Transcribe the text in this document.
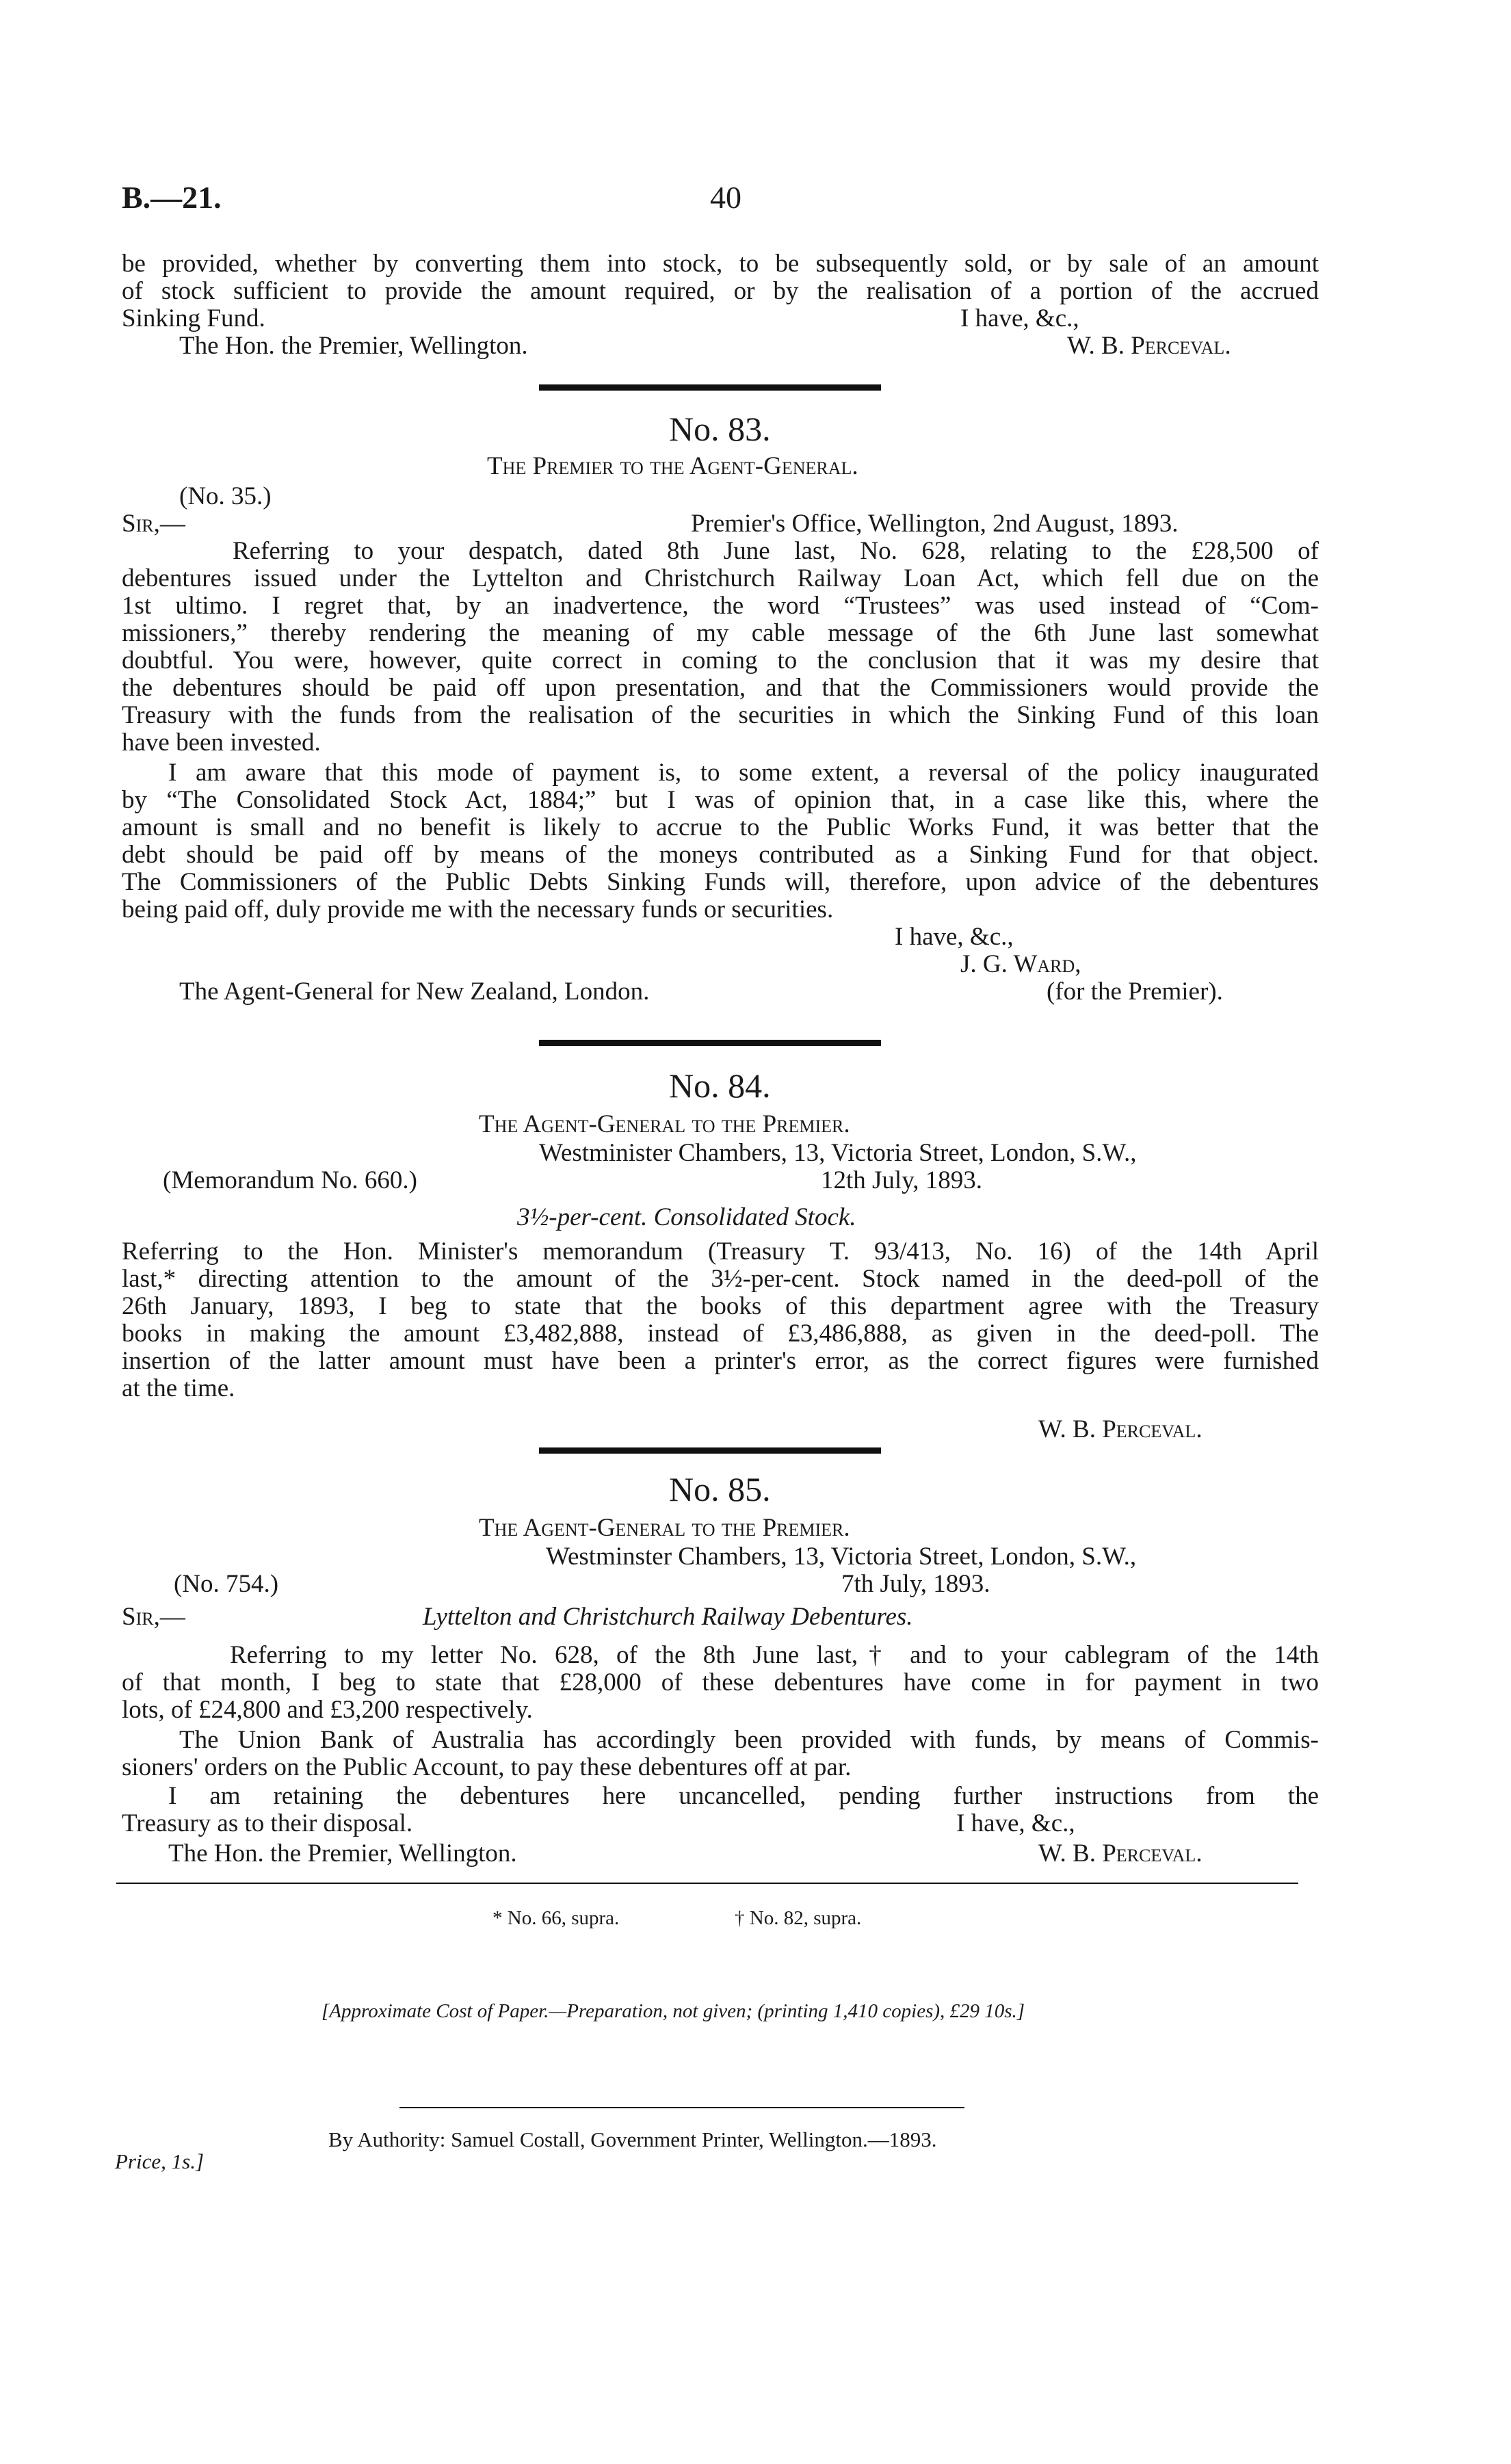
B.—21.	40
be provided, whether by converting them into stock, to be subsequently sold, or by sale of an amount
of stock sufficient to provide the amount required, or by the realisation of a portion of the accrued
Sinking Fund.	I have, &c.,
The Hon. the Premier, Wellington.	W. B. Perceval.
No. 83.
The Premier to the Agent-General.
(No. 35.)
Sir,—	Premier's Office, Wellington, 2nd August, 1893.
Referring to your despatch, dated 8th June last, No. 628, relating to the £28,500 of
debentures issued under the Lyttelton and Christchurch Railway Loan Act, which fell due on the
1st ultimo. I regret that, by an inadvertence, the word “Trustees” was used instead of “Com-
missioners,” thereby rendering the meaning of my cable message of the 6th June last somewhat
doubtful. You were, however, quite correct in coming to the conclusion that it was my desire that
the debentures should be paid off upon presentation, and that the Commissioners would provide the
Treasury with the funds from the realisation of the securities in which the Sinking Fund of this loan
have been invested.
I am aware that this mode of payment is, to some extent, a reversal of the policy inaugurated
by “The Consolidated Stock Act, 1884;” but I was of opinion that, in a case like this, where the
amount is small and no benefit is likely to accrue to the Public Works Fund, it was better that the
debt should be paid off by means of the moneys contributed as a Sinking Fund for that object.
The Commissioners of the Public Debts Sinking Funds will, therefore, upon advice of the debentures
being paid off, duly provide me with the necessary funds or securities.
I have, &c.,
J. G. Ward,
The Agent-General for New Zealand, London.	(for the Premier).
No. 84.
The Agent-General to the Premier.
Westminister Chambers, 13, Victoria Street, London, S.W.,
(Memorandum No. 660.)	12th July, 1893.
3½-per-cent. Consolidated Stock.
Referring to the Hon. Minister's memorandum (Treasury T. 93/413, No. 16) of the 14th April
last,* directing attention to the amount of the 3½-per-cent. Stock named in the deed-poll of the
26th January, 1893, I beg to state that the books of this department agree with the Treasury
books in making the amount £3,482,888, instead of £3,486,888, as given in the deed-poll. The
insertion of the latter amount must have been a printer's error, as the correct figures were furnished
at the time.
W. B. Perceval.
No. 85.
The Agent-General to the Premier.
Westminster Chambers, 13, Victoria Street, London, S.W.,
(No. 754.)	7th July, 1893.
Sir,—	Lyttelton and Christchurch Railway Debentures.
Referring to my letter No. 628, of the 8th June last,† and to your cablegram of the 14th
of that month, I beg to state that £28,000 of these debentures have come in for payment in two
lots, of £24,800 and £3,200 respectively.
The Union Bank of Australia has accordingly been provided with funds, by means of Commis-
sioners' orders on the Public Account, to pay these debentures off at par.
I am retaining the debentures here uncancelled, pending further instructions from the
Treasury as to their disposal.	I have, &c.,
The Hon. the Premier, Wellington.	W. B. Perceval.
* No. 66, supra.	† No. 82, supra.
[Approximate Cost of Paper.—Preparation, not given; (printing 1,410 copies), £29 10s.]
By Authority: Samuel Costall, Government Printer, Wellington.—1893.
Price, 1s.]
